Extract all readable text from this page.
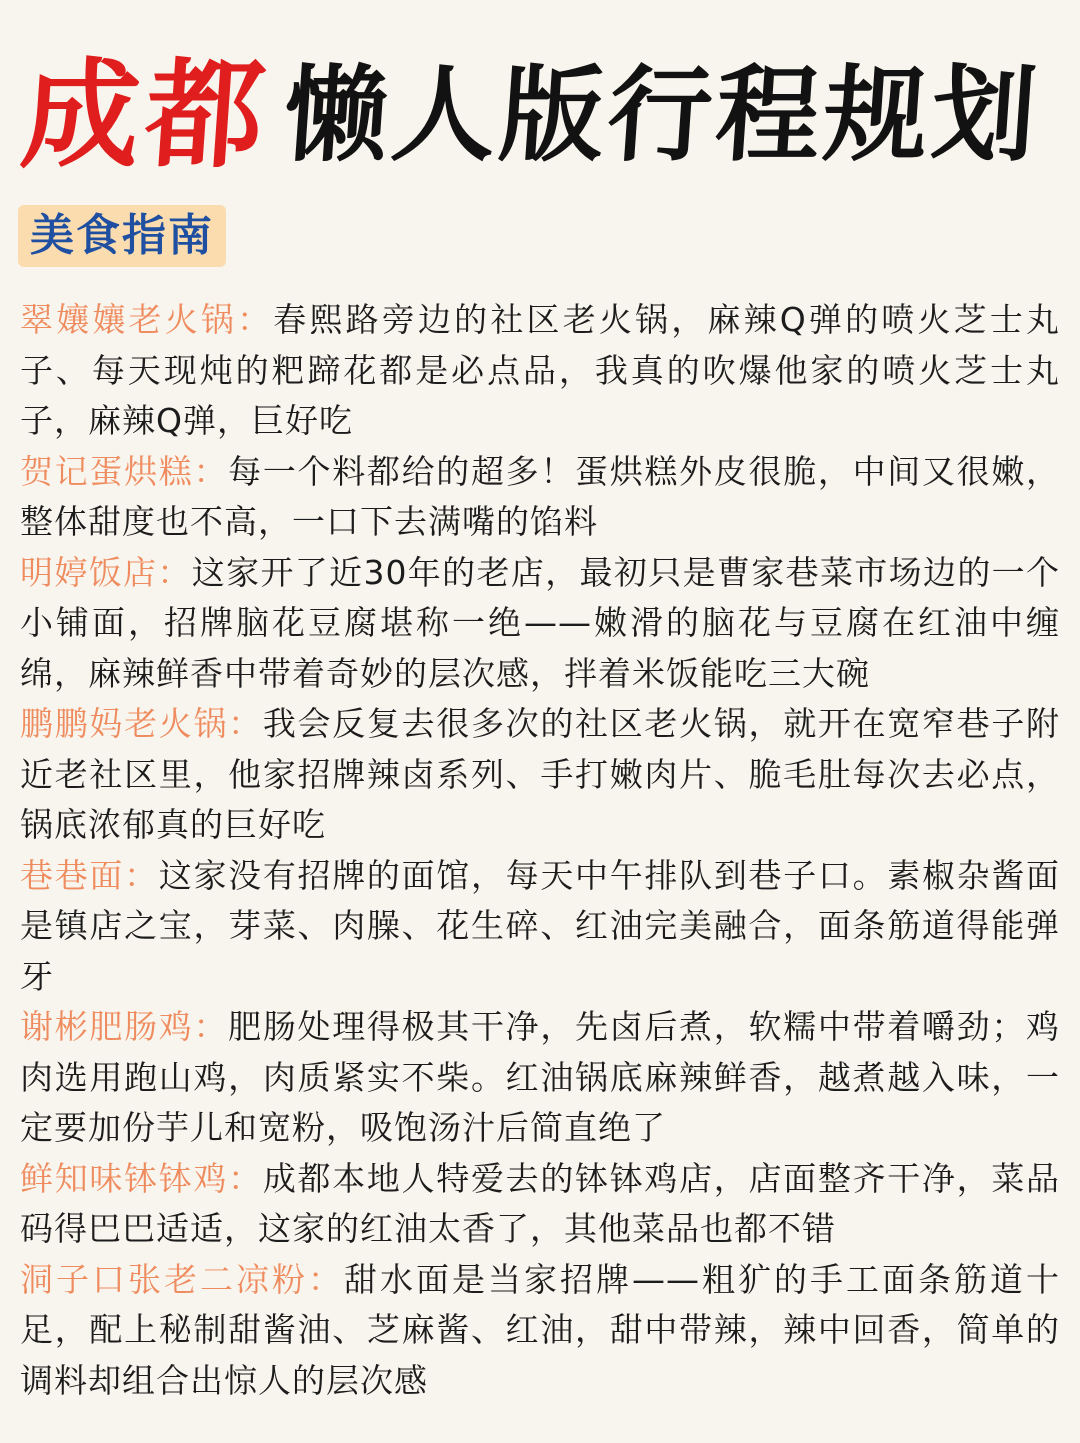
成都 懒人版行程规划
美食指南

翠孃孃老火锅：春熙路旁边的社区老火锅，麻辣Q弹的喷火芝士丸子、每天现炖的粑蹄花都是必点品，我真的吹爆他家的喷火芝士丸子，麻辣Q弹，巨好吃

贺记蛋烘糕：每一个料都给的超多！蛋烘糕外皮很脆，中间又很嫩，整体甜度也不高，一口下去满嘴的馅料

明婷饭店：这家开了近30年的老店，最初只是曹家巷菜市场边的一个小铺面，招牌脑花豆腐堪称一绝——嫩滑的脑花与豆腐在红油中缠绵，麻辣鲜香中带着奇妙的层次感，拌着米饭能吃三大碗

鹏鹏妈老火锅：我会反复去很多次的社区老火锅，就开在宽窄巷子附近老社区里，他家招牌辣卤系列、手打嫩肉片、脆毛肚每次去必点，锅底浓郁真的巨好吃

巷巷面：这家没有招牌的面馆，每天中午排队到巷子口。素椒杂酱面是镇店之宝，芽菜、肉臊、花生碎、红油完美融合，面条筋道得能弹牙

谢彬肥肠鸡：肥肠处理得极其干净，先卤后煮，软糯中带着嚼劲；鸡肉选用跑山鸡，肉质紧实不柴。红油锅底麻辣鲜香，越煮越入味，一定要加份芋儿和宽粉，吸饱汤汁后简直绝了

鲜知味钵钵鸡：成都本地人特爱去的钵钵鸡店，店面整齐干净，菜品码得巴巴适适，这家的红油太香了，其他菜品也都不错

洞子口张老二凉粉：甜水面是当家招牌——粗犷的手工面条筋道十足，配上秘制甜酱油、芝麻酱、红油，甜中带辣，辣中回香，简单的调料却组合出惊人的层次感
